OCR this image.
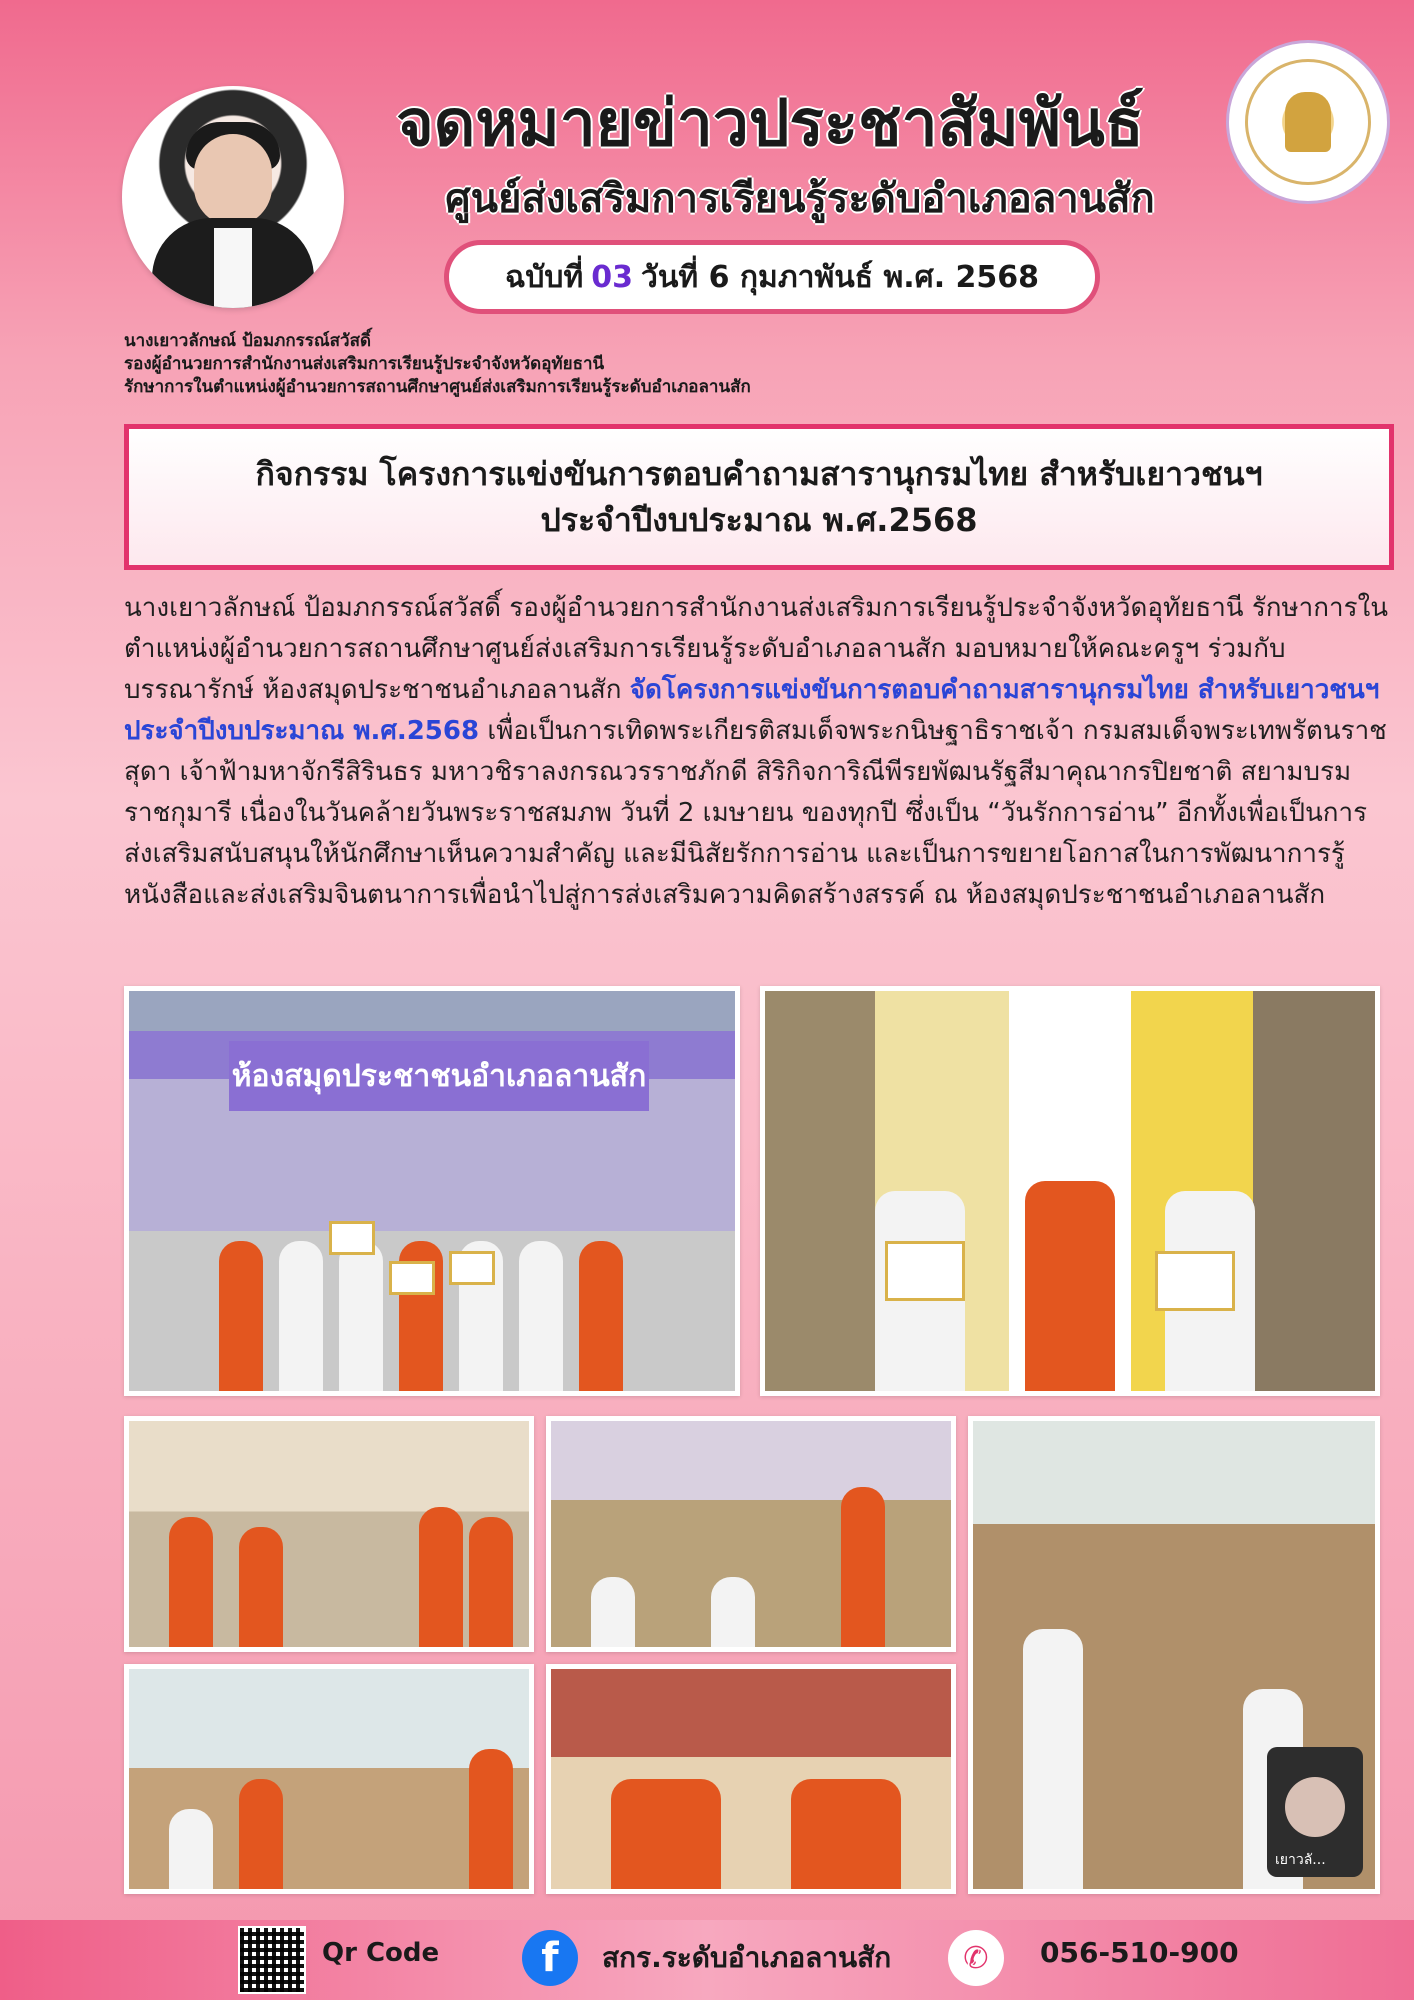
จดหมายข่าวประชาสัมพันธ์
ศูนย์ส่งเสริมการเรียนรู้ระดับอำเภอลานสัก
ฉบับที่ 03 วันที่ 6 กุมภาพันธ์ พ.ศ. 2568
นางเยาวลักษณ์ ป้อมภกรรณ์สวัสดิ์
รองผู้อำนวยการสำนักงานส่งเสริมการเรียนรู้ประจำจังหวัดอุทัยธานี
รักษาการในตำแหน่งผู้อำนวยการสถานศึกษาศูนย์ส่งเสริมการเรียนรู้ระดับอำเภอลานสัก
กิจกรรม โครงการแข่งขันการตอบคำถามสารานุกรมไทย สำหรับเยาวชนฯ
ประจำปีงบประมาณ พ.ศ.2568
นางเยาวลักษณ์ ป้อมภกรรณ์สวัสดิ์ รองผู้อำนวยการสำนักงานส่งเสริมการเรียนรู้ประจำจังหวัดอุทัยธานี รักษาการในตำแหน่งผู้อำนวยการสถานศึกษาศูนย์ส่งเสริมการเรียนรู้ระดับอำเภอลานสัก มอบหมายให้คณะครูฯ ร่วมกับบรรณารักษ์ ห้องสมุดประชาชนอำเภอลานสัก จัดโครงการแข่งขันการตอบคำถามสารานุกรมไทย สำหรับเยาวชนฯ ประจำปีงบประมาณ พ.ศ.2568 เพื่อเป็นการเทิดพระเกียรติสมเด็จพระกนิษฐาธิราชเจ้า กรมสมเด็จพระเทพรัตนราชสุดา เจ้าฟ้ามหาจักรีสิรินธร มหาวชิราลงกรณวรราชภักดี สิริกิจการิณีพีรยพัฒนรัฐสีมาคุณากรปิยชาติ สยามบรมราชกุมารี เนื่องในวันคล้ายวันพระราชสมภพ วันที่ 2 เมษายน ของทุกปี ซึ่งเป็น “วันรักการอ่าน” อีกทั้งเพื่อเป็นการส่งเสริมสนับสนุนให้นักศึกษาเห็นความสำคัญ และมีนิสัยรักการอ่าน และเป็นการขยายโอกาสในการพัฒนาการรู้หนังสือและส่งเสริมจินตนาการเพื่อนำไปสู่การส่งเสริมความคิดสร้างสรรค์ ณ ห้องสมุดประชาชนอำเภอลานสัก
ห้องสมุดประชาชนอำเภอลานสัก
เยาวลั...
Qr Code	f	สกร.ระดับอำเภอลานสัก	✆	056-510-900
